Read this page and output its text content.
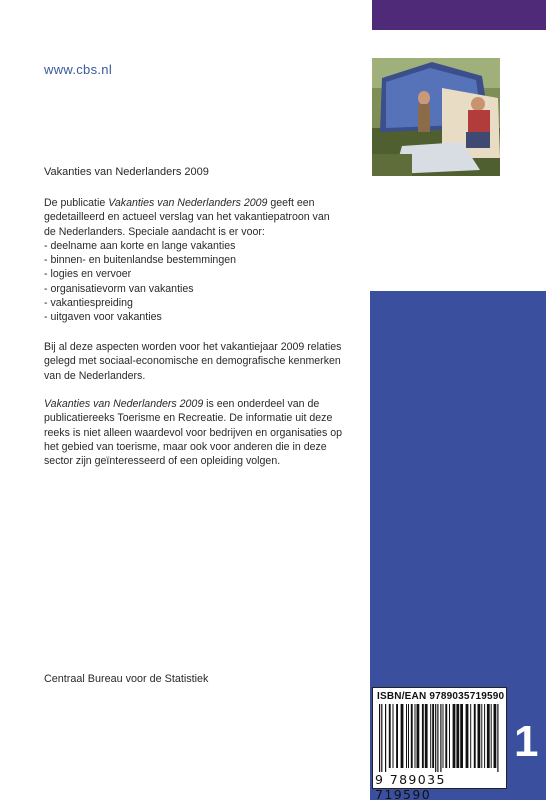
ISBN/EAN 9789035719590
9 789035 719590
1
www.cbs.nl
Vakanties van Nederlanders 2009

De publicatie Vakanties van Nederlanders 2009 geeft een gedetailleerd en actueel verslag van het vakantiepatroon van de Nederlanders. Speciale aandacht is er voor:

- deelname aan korte en lange vakanties
- binnen- en buitenlandse bestemmingen
- logies en vervoer
- organisatievorm van vakanties
- vakantiespreiding
- uitgaven voor vakanties

Bij al deze aspecten worden voor het vakantiejaar 2009 relaties gelegd met sociaal-economische en demografische kenmerken van de Nederlanders.

Vakanties van Nederlanders 2009 is een onderdeel van de publicatiereeks Toerisme en Recreatie. De informatie uit deze reeks is niet alleen waardevol voor bedrijven en organisaties op het gebied van toerisme, maar ook voor anderen die in deze sector zijn geïnteresseerd of een opleiding volgen.

Centraal Bureau voor de Statistiek
